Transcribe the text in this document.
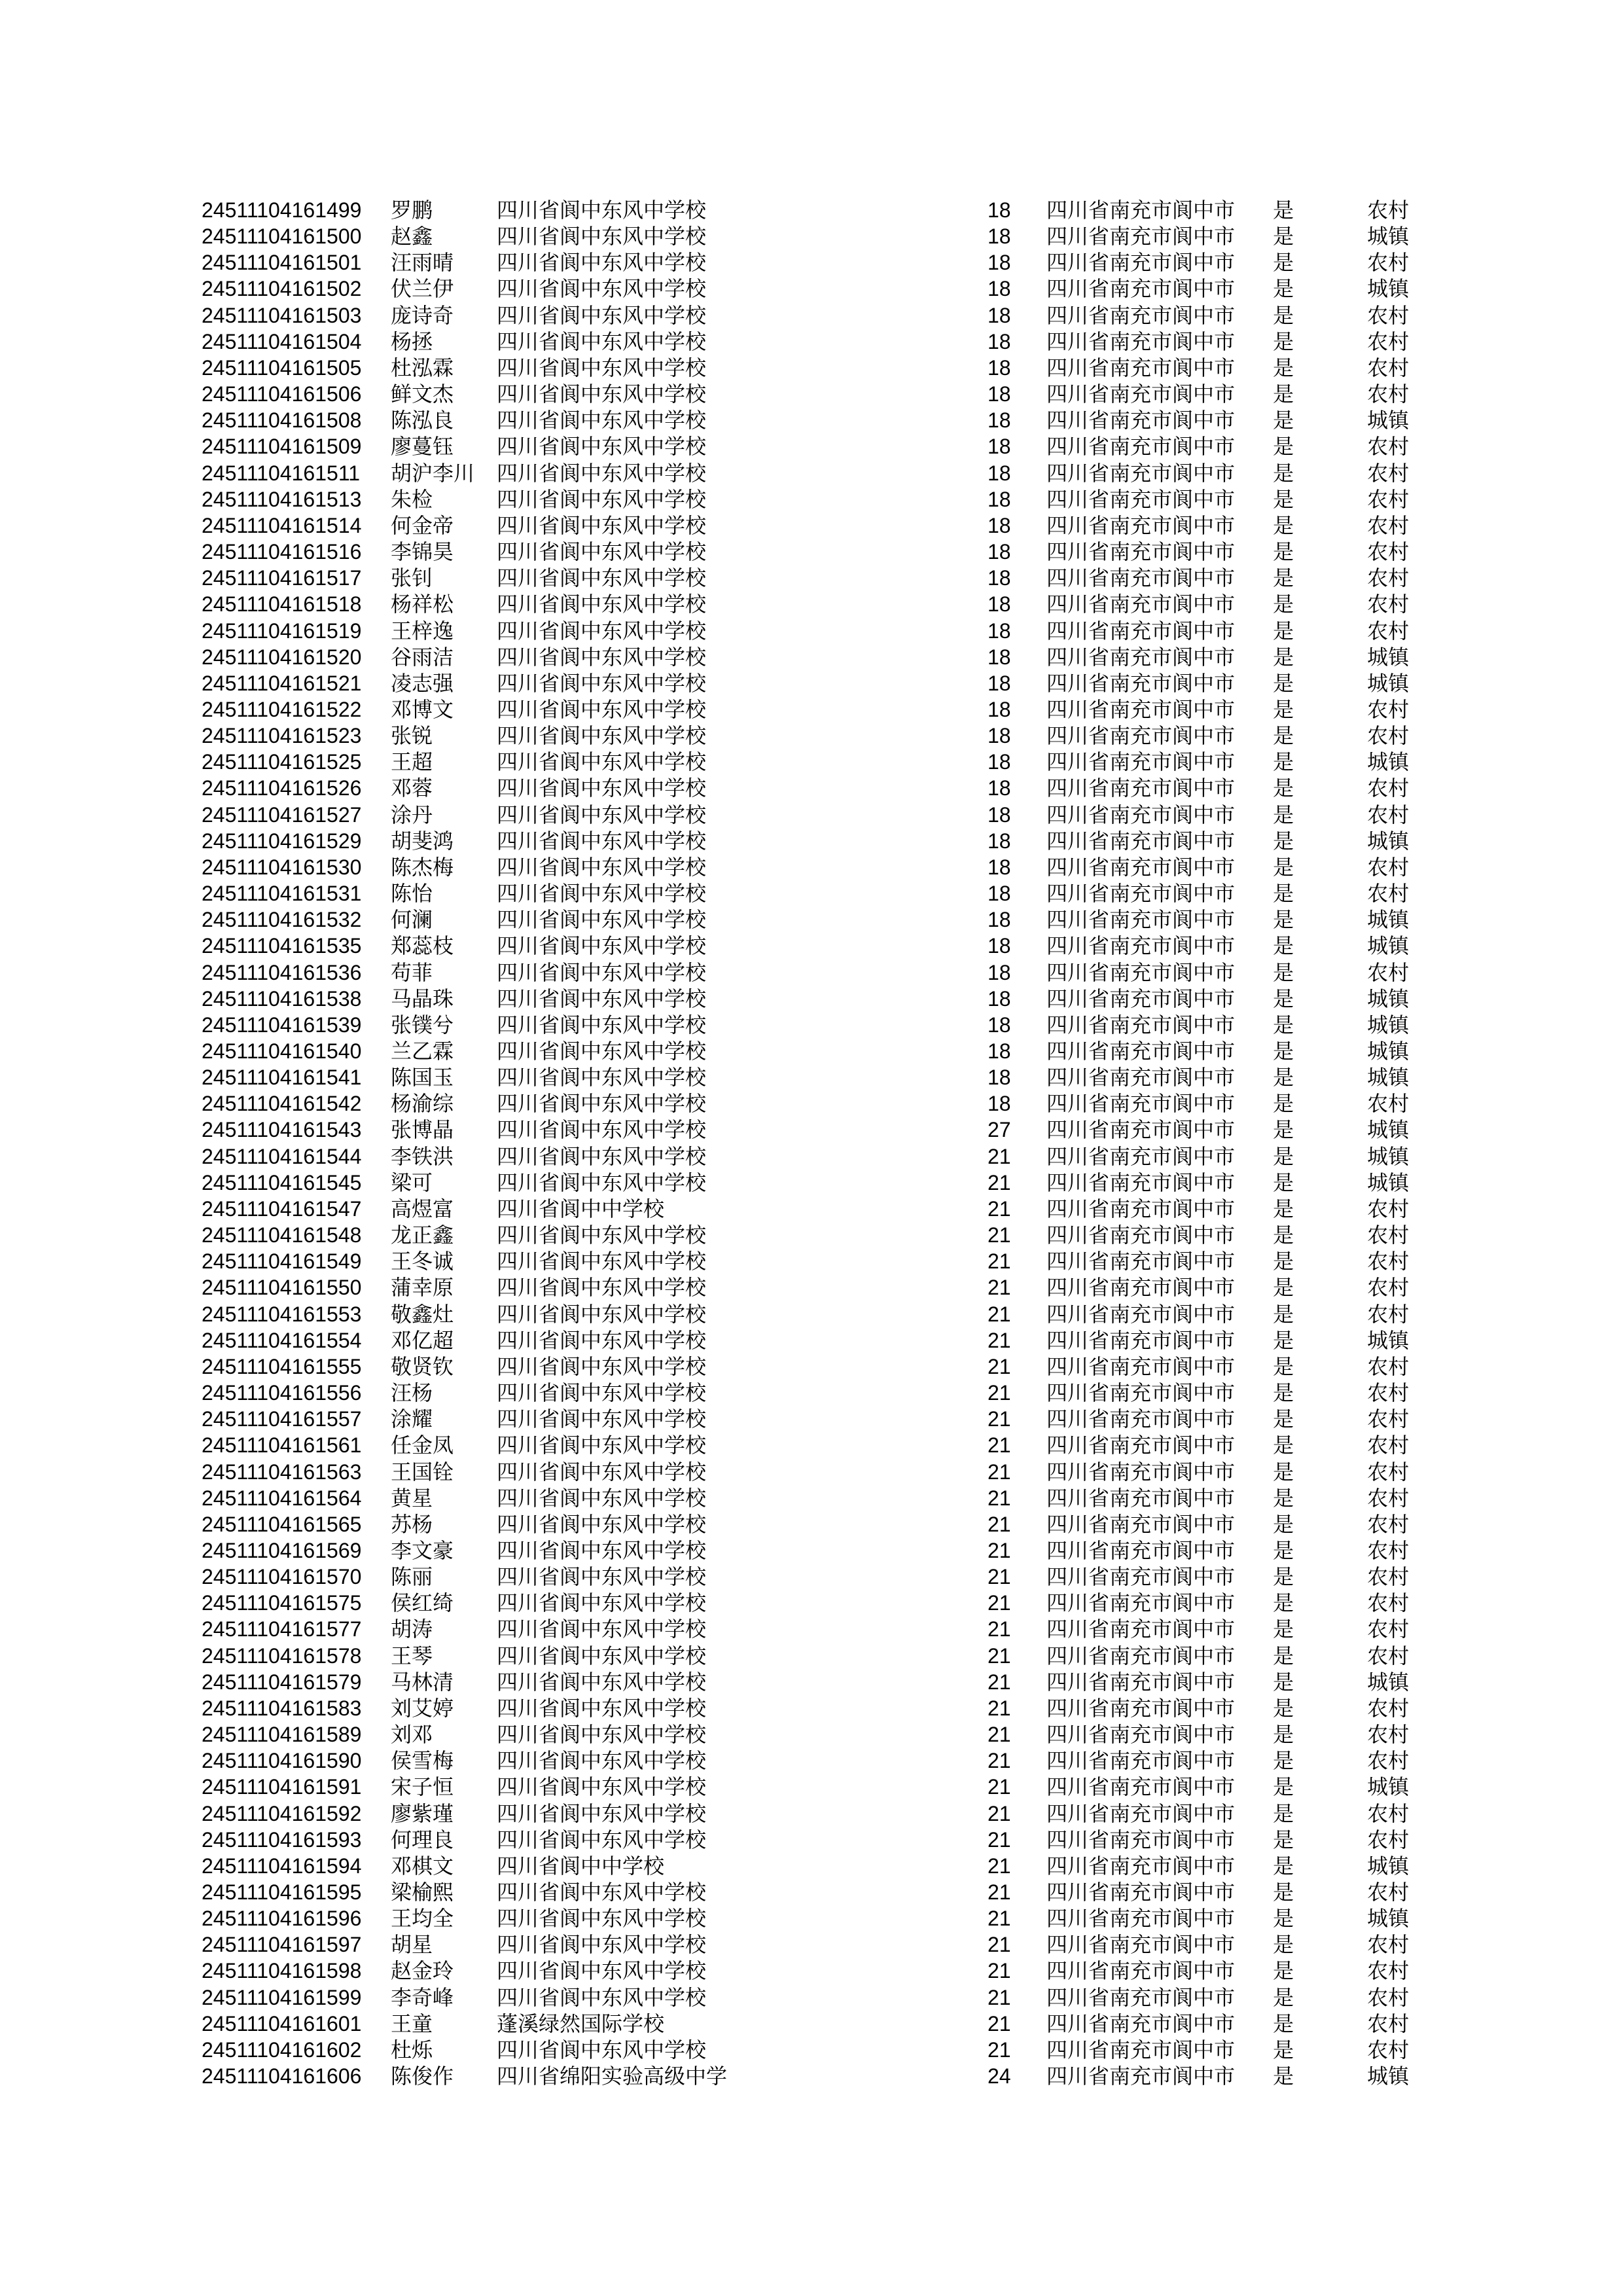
24511104161499 罗鹏	四川省阆中东风中学校	18 四川省南充市阆中市 是	农村
24511104161500 赵鑫	四川省阆中东风中学校	18 四川省南充市阆中市 是	城镇
24511104161501 汪雨晴 四川省阆中东风中学校	18 四川省南充市阆中市 是	农村
24511104161502 伏兰伊 四川省阆中东风中学校	18 四川省南充市阆中市 是	城镇
24511104161503 庞诗奇 四川省阆中东风中学校	18 四川省南充市阆中市 是	农村
24511104161504 杨拯	四川省阆中东风中学校	18 四川省南充市阆中市 是	农村
24511104161505 杜泓霖 四川省阆中东风中学校	18 四川省南充市阆中市 是	农村
24511104161506 鲜文杰 四川省阆中东风中学校	18 四川省南充市阆中市 是	农村
24511104161508 陈泓良 四川省阆中东风中学校	18 四川省南充市阆中市 是	城镇
24511104161509 廖蔓钰 四川省阆中东风中学校	18 四川省南充市阆中市 是	农村
24511104161511 胡沪李川 四川省阆中东风中学校	18 四川省南充市阆中市 是	农村
24511104161513 朱检	四川省阆中东风中学校	18 四川省南充市阆中市 是	农村
24511104161514 何金帝 四川省阆中东风中学校	18 四川省南充市阆中市 是	农村
24511104161516 李锦昊 四川省阆中东风中学校	18 四川省南充市阆中市 是	农村
24511104161517 张钊	四川省阆中东风中学校	18 四川省南充市阆中市 是	农村
24511104161518 杨祥松 四川省阆中东风中学校	18 四川省南充市阆中市 是	农村
24511104161519 王梓逸 四川省阆中东风中学校	18 四川省南充市阆中市 是	农村
24511104161520 谷雨洁 四川省阆中东风中学校	18 四川省南充市阆中市 是	城镇
24511104161521 凌志强 四川省阆中东风中学校	18 四川省南充市阆中市 是	城镇
24511104161522 邓博文 四川省阆中东风中学校	18 四川省南充市阆中市 是	农村
24511104161523 张锐	四川省阆中东风中学校	18 四川省南充市阆中市 是	农村
24511104161525 王超	四川省阆中东风中学校	18 四川省南充市阆中市 是	城镇
24511104161526 邓蓉	四川省阆中东风中学校	18 四川省南充市阆中市 是	农村
24511104161527 涂丹	四川省阆中东风中学校	18 四川省南充市阆中市 是	农村
24511104161529 胡斐鸿 四川省阆中东风中学校	18 四川省南充市阆中市 是	城镇
24511104161530 陈杰梅 四川省阆中东风中学校	18 四川省南充市阆中市 是	农村
24511104161531 陈怡	四川省阆中东风中学校	18 四川省南充市阆中市 是	农村
24511104161532 何澜	四川省阆中东风中学校	18 四川省南充市阆中市 是	城镇
24511104161535 郑蕊枝 四川省阆中东风中学校	18 四川省南充市阆中市 是	城镇
24511104161536 苟菲	四川省阆中东风中学校	18 四川省南充市阆中市 是	农村
24511104161538 马晶珠 四川省阆中东风中学校	18 四川省南充市阆中市 是	城镇
24511104161539 张镤兮 四川省阆中东风中学校	18 四川省南充市阆中市 是	城镇
24511104161540 兰乙霖 四川省阆中东风中学校	18 四川省南充市阆中市 是	城镇
24511104161541 陈国玉 四川省阆中东风中学校	18 四川省南充市阆中市 是	城镇
24511104161542 杨渝综 四川省阆中东风中学校	18 四川省南充市阆中市 是	农村
24511104161543 张博晶 四川省阆中东风中学校	27 四川省南充市阆中市 是	城镇
24511104161544 李铁洪 四川省阆中东风中学校	21 四川省南充市阆中市 是	城镇
24511104161545 梁可	四川省阆中东风中学校	21 四川省南充市阆中市 是	城镇
24511104161547 高煜富 四川省阆中中学校	21 四川省南充市阆中市 是	农村
24511104161548 龙正鑫 四川省阆中东风中学校	21 四川省南充市阆中市 是	农村
24511104161549 王冬诚 四川省阆中东风中学校	21 四川省南充市阆中市 是	农村
24511104161550 蒲幸原 四川省阆中东风中学校	21 四川省南充市阆中市 是	农村
24511104161553 敬鑫灶 四川省阆中东风中学校	21 四川省南充市阆中市 是	农村
24511104161554 邓亿超 四川省阆中东风中学校	21 四川省南充市阆中市 是	城镇
24511104161555 敬贤钦 四川省阆中东风中学校	21 四川省南充市阆中市 是	农村
24511104161556 汪杨	四川省阆中东风中学校	21 四川省南充市阆中市 是	农村
24511104161557 涂耀	四川省阆中东风中学校	21 四川省南充市阆中市 是	农村
24511104161561 任金凤 四川省阆中东风中学校	21 四川省南充市阆中市 是	农村
24511104161563 王国铨 四川省阆中东风中学校	21 四川省南充市阆中市 是	农村
24511104161564 黄星	四川省阆中东风中学校	21 四川省南充市阆中市 是	农村
24511104161565 苏杨	四川省阆中东风中学校	21 四川省南充市阆中市 是	农村
24511104161569 李文豪 四川省阆中东风中学校	21 四川省南充市阆中市 是	农村
24511104161570 陈丽	四川省阆中东风中学校	21 四川省南充市阆中市 是	农村
24511104161575 侯红绮 四川省阆中东风中学校	21 四川省南充市阆中市 是	农村
24511104161577 胡涛	四川省阆中东风中学校	21 四川省南充市阆中市 是	农村
24511104161578 王琴	四川省阆中东风中学校	21 四川省南充市阆中市 是	农村
24511104161579 马林清 四川省阆中东风中学校	21 四川省南充市阆中市 是	城镇
24511104161583 刘艾婷 四川省阆中东风中学校	21 四川省南充市阆中市 是	农村
24511104161589 刘邓	四川省阆中东风中学校	21 四川省南充市阆中市 是	农村
24511104161590 侯雪梅 四川省阆中东风中学校	21 四川省南充市阆中市 是	农村
24511104161591 宋子恒 四川省阆中东风中学校	21 四川省南充市阆中市 是	城镇
24511104161592 廖紫瑾 四川省阆中东风中学校	21 四川省南充市阆中市 是	农村
24511104161593 何理良 四川省阆中东风中学校	21 四川省南充市阆中市 是	农村
24511104161594 邓棋文 四川省阆中中学校	21 四川省南充市阆中市 是	城镇
24511104161595 梁榆熙 四川省阆中东风中学校	21 四川省南充市阆中市 是	农村
24511104161596 王均全 四川省阆中东风中学校	21 四川省南充市阆中市 是	城镇
24511104161597 胡星	四川省阆中东风中学校	21 四川省南充市阆中市 是	农村
24511104161598 赵金玲 四川省阆中东风中学校	21 四川省南充市阆中市 是	农村
24511104161599 李奇峰 四川省阆中东风中学校	21 四川省南充市阆中市 是	农村
24511104161601 王童	蓬溪绿然国际学校	21 四川省南充市阆中市 是	农村
24511104161602 杜烁	四川省阆中东风中学校	21 四川省南充市阆中市 是	农村
24511104161606 陈俊作 四川省绵阳实验高级中学	24 四川省南充市阆中市 是	城镇
